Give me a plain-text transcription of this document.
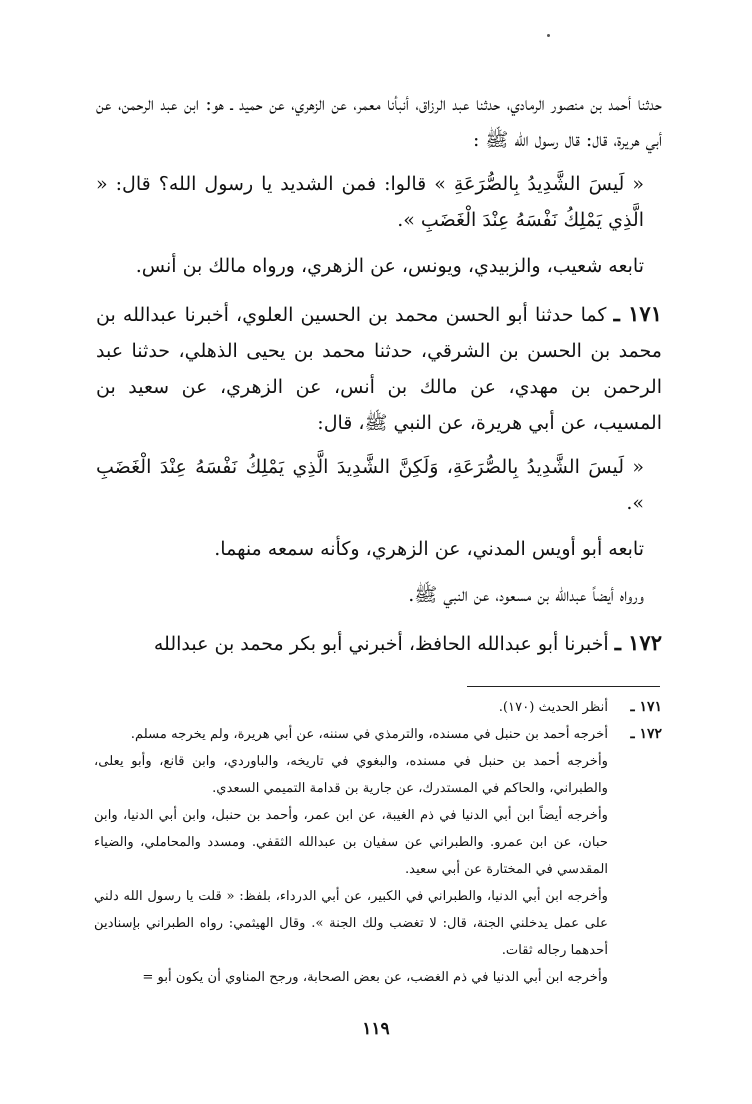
حدثنا أحمد بن منصور الرمادي، حدثنا عبد الرزاق، أنبأنا معمر، عن الزهري، عن حميد ـ هو: ابن عبد الرحمن، عن أبي هريرة، قال: قال رسول الله ﷺ :

« لَيسَ الشَّدِيدُ بِالصُّرَعَةِ » قالوا: فمن الشديد يا رسول الله؟ قال: « الَّذِي يَمْلِكُ نَفْسَهُ عِنْدَ الْغَضَبِ ».

تابعه شعيب، والزبيدي، ويونس، عن الزهري، ورواه مالك بن أنس.

١٧١ ـ كما حدثنا أبو الحسن محمد بن الحسين العلوي، أخبرنا عبدالله بن محمد بن الحسن بن الشرقي، حدثنا محمد بن يحيى الذهلي، حدثنا عبد الرحمن بن مهدي، عن مالك بن أنس، عن الزهري، عن سعيد بن المسيب، عن أبي هريرة، عن النبي ﷺ، قال:

« لَيسَ الشَّدِيدُ بِالصُّرَعَةِ، وَلَكِنَّ الشَّدِيدَ الَّذِي يَمْلِكُ نَفْسَهُ عِنْدَ الْغَضَبِ ».

تابعه أبو أويس المدني، عن الزهري، وكأنه سمعه منهما.

ورواه أيضاً عبدالله بن مسعود، عن النبي ﷺ.

١٧٢ ـ أخبرنا أبو عبدالله الحافظ، أخبرني أبو بكر محمد بن عبدالله

١٧١ ـ
أنظر الحديث (١٧٠).
١٧٢ ـ
أخرجه أحمد بن حنبل في مسنده، والترمذي في سننه، عن أبي هريرة، ولم يخرجه مسلم.
وأخرجه أحمد بن حنبل في مسنده، والبغوي في تاريخه، والباوردي، وابن قانع، وأبو يعلى، والطبراني، والحاكم في المستدرك، عن جارية بن قدامة التميمي السعدي.
وأخرجه أيضاً ابن أبي الدنيا في ذم الغيبة، عن ابن عمر، وأحمد بن حنبل، وابن أبي الدنيا، وابن حبان، عن ابن عمرو. والطبراني عن سفيان بن عبدالله الثقفي. ومسدد والمحاملي، والضياء المقدسي في المختارة عن أبي سعيد.
وأخرجه ابن أبي الدنيا، والطبراني في الكبير، عن أبي الدرداء، بلفظ: « قلت يا رسول الله دلني على عمل يدخلني الجنة، قال: لا تغضب ولك الجنة ». وقال الهيثمي: رواه الطبراني بإسنادين أحدهما رجاله ثقات.
وأخرجه ابن أبي الدنيا في ذم الغضب، عن بعض الصحابة، ورجح المناوي أن يكون أبو =
١١٩
